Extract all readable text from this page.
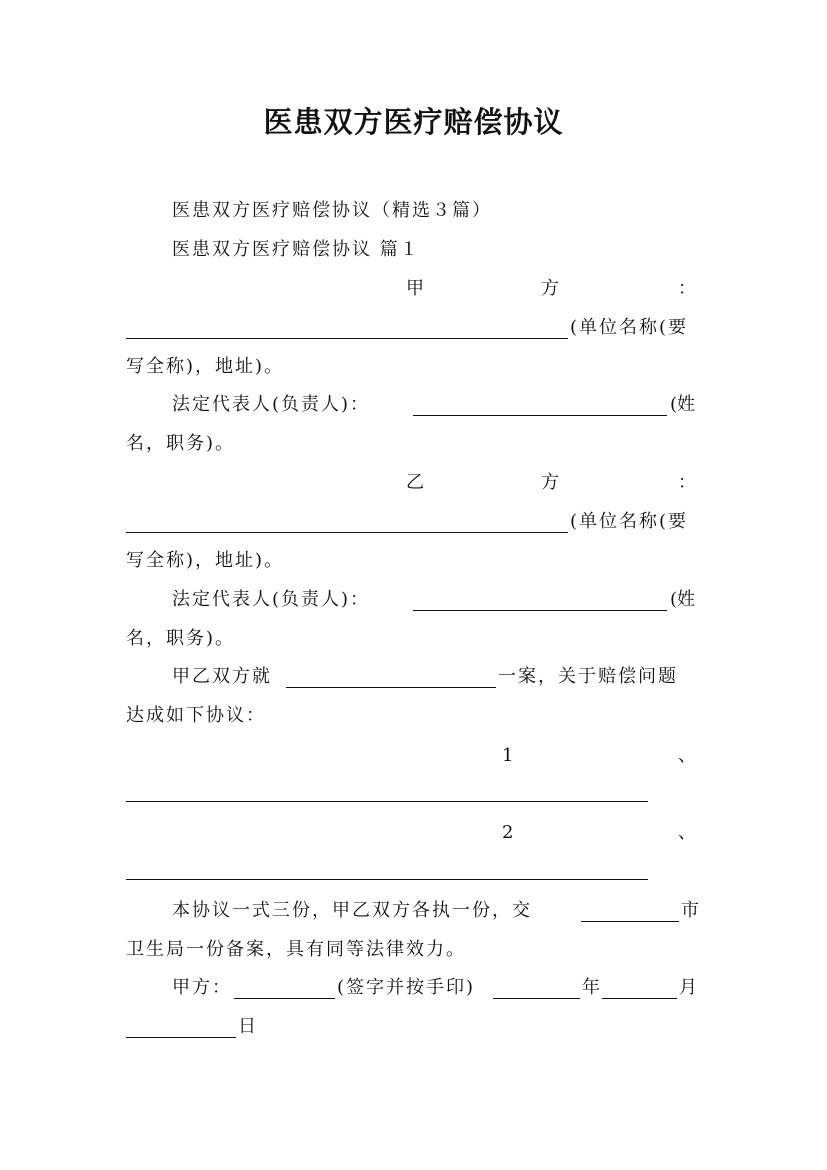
医患双方医疗赔偿协议
医患双方医疗赔偿协议（精选３篇）
医患双方医疗赔偿协议 篇１
甲	方	：
(单位名称(要
写全称)，地址)。
法定代表人(负责人)：	(姓
名，职务)。
乙	方	：
(单位名称(要
写全称)，地址)。
法定代表人(负责人)：	(姓
名，职务)。
甲乙双方就	一案，关于赔偿问题
达成如下协议：
1	、
2	、
本协议一式三份，甲乙双方各执一份，交	市
卫生局一份备案，具有同等法律效力。
甲方：	(签字并按手印)	年	月
日
